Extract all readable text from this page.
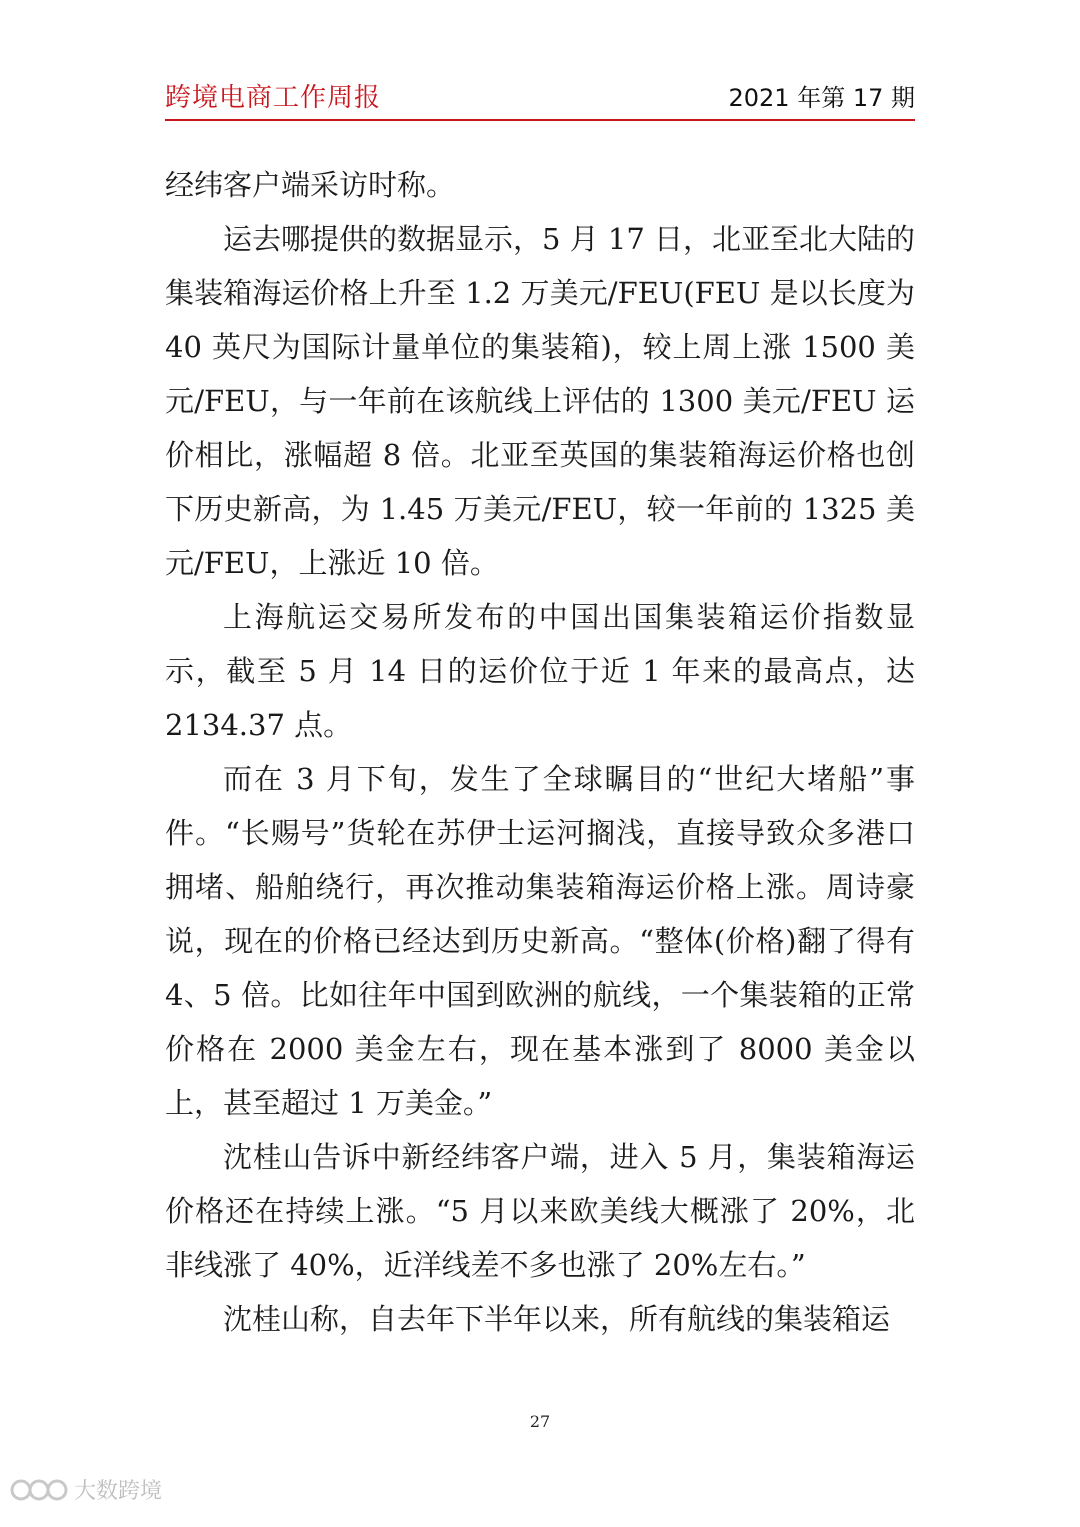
跨境电商工作周报	2021 年第 17 期

经纬客户端采访时称。

运去哪提供的数据显示，5 月 17 日，北亚至北大陆的集装箱海运价格上升至 1.2 万美元/FEU(FEU 是以长度为 40 英尺为国际计量单位的集装箱)，较上周上涨 1500 美元/FEU，与一年前在该航线上评估的 1300 美元/FEU 运价相比，涨幅超 8 倍。北亚至英国的集装箱海运价格也创下历史新高，为 1.45 万美元/FEU，较一年前的 1325 美元/FEU，上涨近 10 倍。

上海航运交易所发布的中国出国集装箱运价指数显示，截至 5 月 14 日的运价位于近 1 年来的最高点，达 2134.37 点。

而在 3 月下旬，发生了全球瞩目的“世纪大堵船”事件。“长赐号”货轮在苏伊士运河搁浅，直接导致众多港口拥堵、船舶绕行，再次推动集装箱海运价格上涨。周诗豪说，现在的价格已经达到历史新高。“整体(价格)翻了得有 4、5 倍。比如往年中国到欧洲的航线，一个集装箱的正常价格在 2000 美金左右，现在基本涨到了 8000 美金以上，甚至超过 1 万美金。”

沈桂山告诉中新经纬客户端，进入 5 月，集装箱海运价格还在持续上涨。“5 月以来欧美线大概涨了 20%，北非线涨了 40%，近洋线差不多也涨了 20%左右。”

沈桂山称，自去年下半年以来，所有航线的集装箱运

27
大数跨境
